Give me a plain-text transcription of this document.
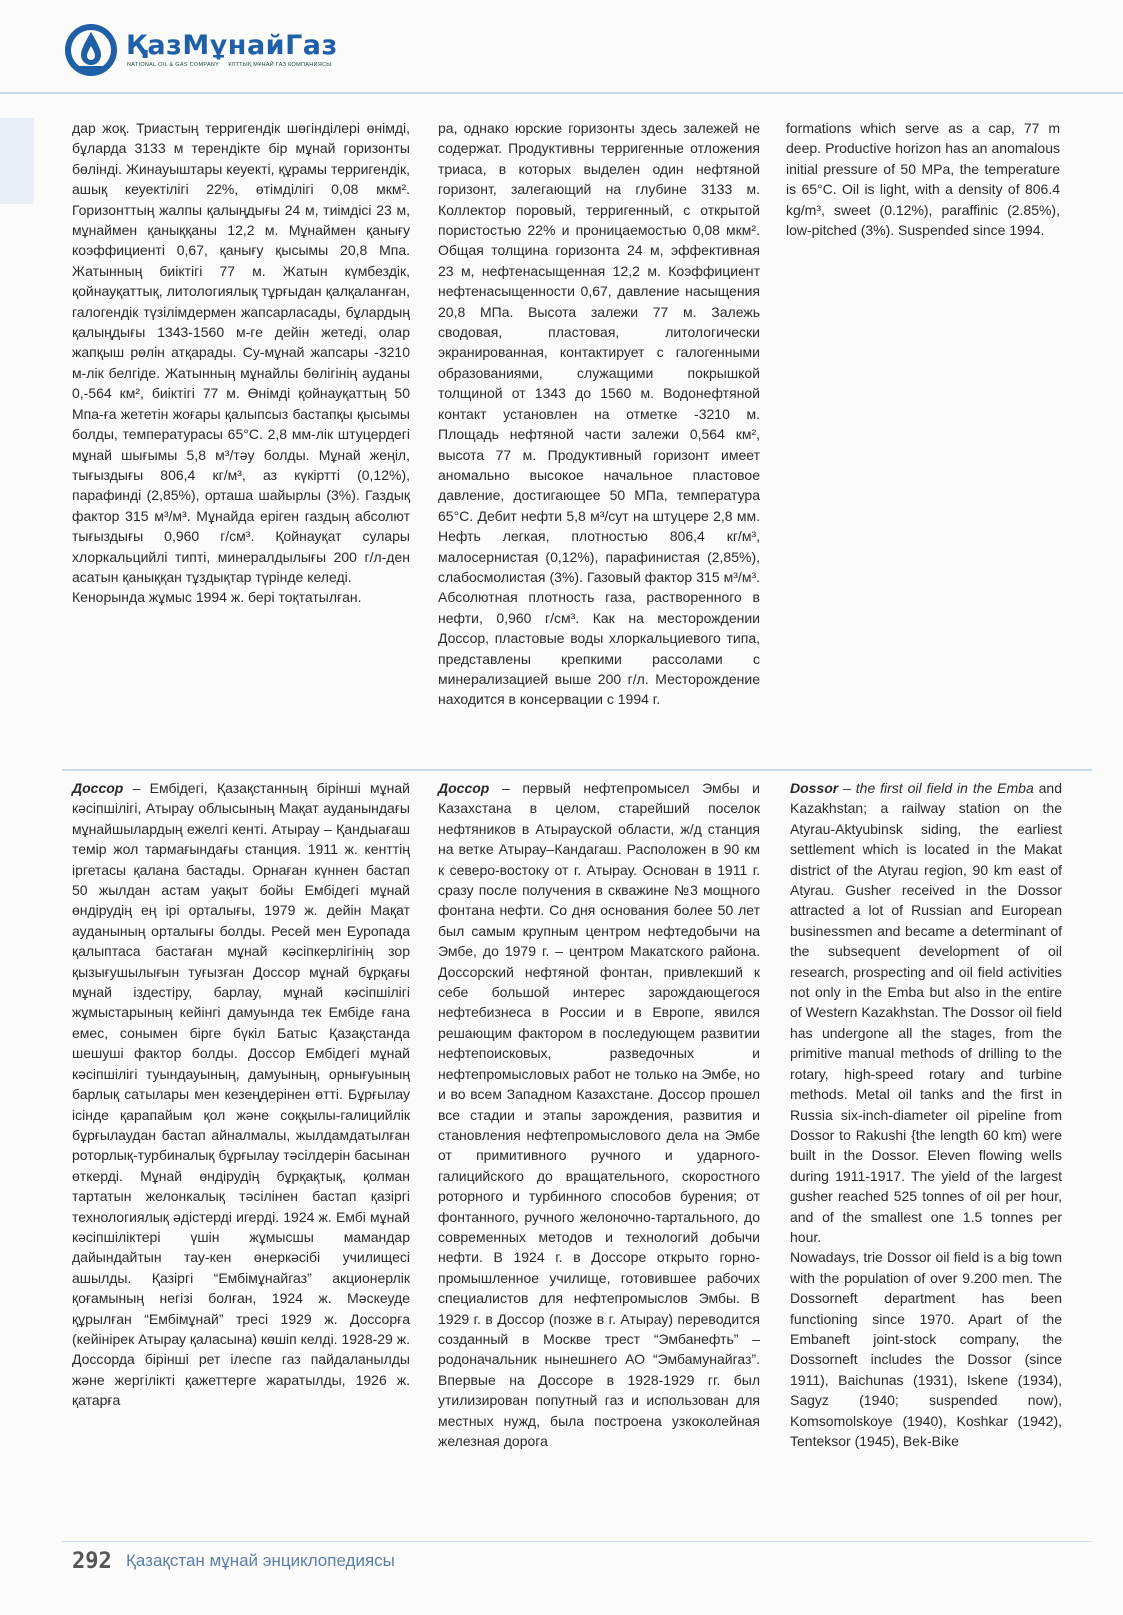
ҚазМұнайГаз
NATIONAL OIL & GAS COMPANY ҰЛТТЫҚ МҰНАЙ ГАЗ КОМПАНИЯСЫ

дар жоқ. Триастың терригендік шөгінділері өнімді, бұларда 3133 м терендікте бір мұнай горизонты бөлінді. Жинауыштары кеуекті, құрамы терригендік, ашық кеуектілігі 22%, өтімділігі 0,08 мкм². Горизонттың жалпы қалыңдығы 24 м, тиімдісі 23 м, мұнаймен қаныққаны 12,2 м. Мұнаймен қанығу коэффициенті 0,67, қанығу қысымы 20,8 Мпа. Жатынның биіктігі 77 м. Жатын күмбездік, қойнауқаттық, литологиялық тұрғыдан қалқаланған, галогендік түзілімдермен жапсарласады, бұлардың қалыңдығы 1343-1560 м-ге дейін жетеді, олар жапқыш рөлін атқарады. Су-мұнай жапсары -3210 м-лік белгіде. Жатынның мұнайлы бөлігінің ауданы 0,-564 км², биіктігі 77 м. Өнімді қойнауқаттың 50 Мпа-ға жететін жоғары қалыпсыз бастапқы қысымы болды, температурасы 65°С. 2,8 мм-лік штуцердегі мұнай шығымы 5,8 м³/тәу болды. Мұнай жеңіл, тығыздығы 806,4 кг/м³, аз күкіртті (0,12%), парафинді (2,85%), орташа шайырлы (3%). Газдық фактор 315 м³/м³. Мұнайда еріген газдың абсолют тығыздығы 0,960 г/см³. Қойнауқат сулары хлоркальцийлі типті, минералдылығы 200 г/л-ден асатын қаныққан тұздықтар түрінде келеді.

Кенорында жұмыс 1994 ж. бері тоқтатылған.

ра, однако юрские горизонты здесь залежей не содержат. Продуктивны терригенные отложения триаса, в которых выделен один нефтяной горизонт, залегающий на глубине 3133 м. Коллектор поровый, терригенный, с открытой пористостью 22% и проницаемостью 0,08 мкм². Общая толщина горизонта 24 м, эффективная 23 м, нефтенасыщенная 12,2 м. Коэффициент нефтенасыщенности 0,67, давление насыщения 20,8 МПа. Высота залежи 77 м. Залежь сводовая, пластовая, литологически экранированная, контактирует с галогенными образованиями, служащими покрышкой толщиной от 1343 до 1560 м. Водонефтяной контакт установлен на отметке -3210 м. Площадь нефтяной части залежи 0,564 км², высота 77 м. Продуктивный горизонт имеет аномально высокое начальное пластовое давление, достигающее 50 МПа, температура 65°С. Дебит нефти 5,8 м³/сут на штуцере 2,8 мм. Нефть легкая, плотностью 806,4 кг/м³, малосернистая (0,12%), парафинистая (2,85%), слабосмолистая (3%). Газовый фактор 315 м³/м³. Абсолютная плотность газа, растворенного в нефти, 0,960 г/см³. Как на месторождении Доссор, пластовые воды хлоркальциевого типа, представлены крепкими рассолами с минерализацией выше 200 г/л. Месторождение находится в консервации с 1994 г.

formations which serve as a cap, 77 m deep. Productive horizon has an anomalous initial pressure of 50 MPa, the temperature is 65°C. Oil is light, with a density of 806.4 kg/m³, sweet (0.12%), paraffinic (2.85%), low-pitched (3%). Suspended since 1994.

Доссор – Ембідегі, Қазақстанның бірінші мұнай кәсіпшілігі, Атырау облысының Мақат ауданындағы мұнайшылардың ежелгі кенті. Атырау – Қандыағаш темір жол тармағындағы станция. 1911 ж. кенттің іргетасы қалана бастады. Орнаған күннен бастап 50 жылдан астам уақыт бойы Ембідегі мұнай өндірудің ең ірі орталығы, 1979 ж. дейін Мақат ауданының орталығы болды. Ресей мен Еуропада қалыптаса бастаған мұнай кәсіпкерлігінің зор қызығушылығын туғызған Доссор мұнай бұрқағы мұнай іздестіру, барлау, мұнай кәсіпшілігі жұмыстарының кейінгі дамуында тек Ембіде ғана емес, сонымен бірге бүкіл Батыс Қазақстанда шешуші фактор болды. Доссор Ембідегі мұнай кәсіпшілігі туындауының, дамуының, орнығуының барлық сатылары мен кезеңдерінен өтті. Бұрғылау ісінде қарапайым қол және соққылы-галицийлік бұрғылаудан бастап айналмалы, жылдамдатылған роторлық-турбиналық бұрғылау тәсілдерін басынан өткерді. Мұнай өндірудің бұрқақтық, қолман тартатын желонкалық тәсілінен бастап қазіргі технологиялық әдістерді игерді. 1924 ж. Ембі мұнай кәсіпшіліктері үшін жұмысшы мамандар дайындайтын тау-кен өнеркәсібі училищесі ашылды. Қазіргі “Ембімұнайгаз” акционерлік қоғамының негізі болған, 1924 ж. Мәскеуде құрылған “Ембімұнай” тресі 1929 ж. Доссорға (кейінірек Атырау қаласына) көшіп келді. 1928-29 ж. Доссорда бірінші рет ілеспе газ пайдаланылды және жергілікті қажеттерге жаратылды, 1926 ж. қатарға

Доссор – первый нефтепромысел Эмбы и Казахстана в целом, старейший поселок нефтяников в Атырауской области, ж/д станция на ветке Атырау–Кандагаш. Расположен в 90 км к северо-востоку от г. Атырау. Основан в 1911 г. сразу после получения в скважине №3 мощного фонтана нефти. Со дня основания более 50 лет был самым крупным центром нефтедобычи на Эмбе, до 1979 г. – центром Макатского района. Доссорский нефтяной фонтан, привлекший к себе большой интерес зарождающегося нефтебизнеса в России и в Европе, явился решающим фактором в последующем развитии нефтепоисковых, разведочных и нефтепромысловых работ не только на Эмбе, но и во всем Западном Казахстане. Доссор прошел все стадии и этапы зарождения, развития и становления нефтепромыслового дела на Эмбе от примитивного ручного и ударного-галицийского до вращательного, скоростного роторного и турбинного способов бурения; от фонтанного, ручного желоночно-тартального, до современных методов и технологий добычи нефти. В 1924 г. в Доссоре открыто горно-промышленное училище, готовившее рабочих специалистов для нефтепромыслов Эмбы. В 1929 г. в Доссор (позже в г. Атырау) переводится созданный в Москве трест “Эмбанефть” – родоначальник нынешнего АО “Эмбамунайгаз”. Впервые на Доссоре в 1928-1929 гг. был утилизирован попутный газ и использован для местных нужд, была построена узкоколейная железная дорога

Dossor – the first oil field in the Emba and Kazakhstan; a railway station on the Atyrau-Aktyubinsk siding, the earliest settlement which is located in the Makat district of the Atyrau region, 90 km east of Atyrau. Gusher received in the Dossor attracted a lot of Russian and European businessmen and became a determinant of the subsequent development of oil research, prospecting and oil field activities not only in the Emba but also in the entire of Western Kazakhstan. The Dossor oil field has undergone all the stages, from the primitive manual methods of drilling to the rotary, high-speed rotary and turbine methods. Metal oil tanks and the first in Russia six-inch-diameter oil pipeline from Dossor to Rakushi {the length 60 km) were built in the Dossor. Eleven flowing wells during 1911-1917. The yield of the largest gusher reached 525 tonnes of oil per hour, and of the smallest one 1.5 tonnes per hour.

Nowadays, trie Dossor oil field is a big town with the population of over 9.200 men. The Dossorneft department has been functioning since 1970. Apart of the Embaneft joint-stock company, the Dossorneft includes the Dossor (since 1911), Baichunas (1931), Iskene (1934), Sagyz (1940; suspended now), Komsomolskoye (1940), Koshkar (1942), Tenteksor (1945), Bek-Bike

292 Қазақстан мұнай энциклопедиясы
